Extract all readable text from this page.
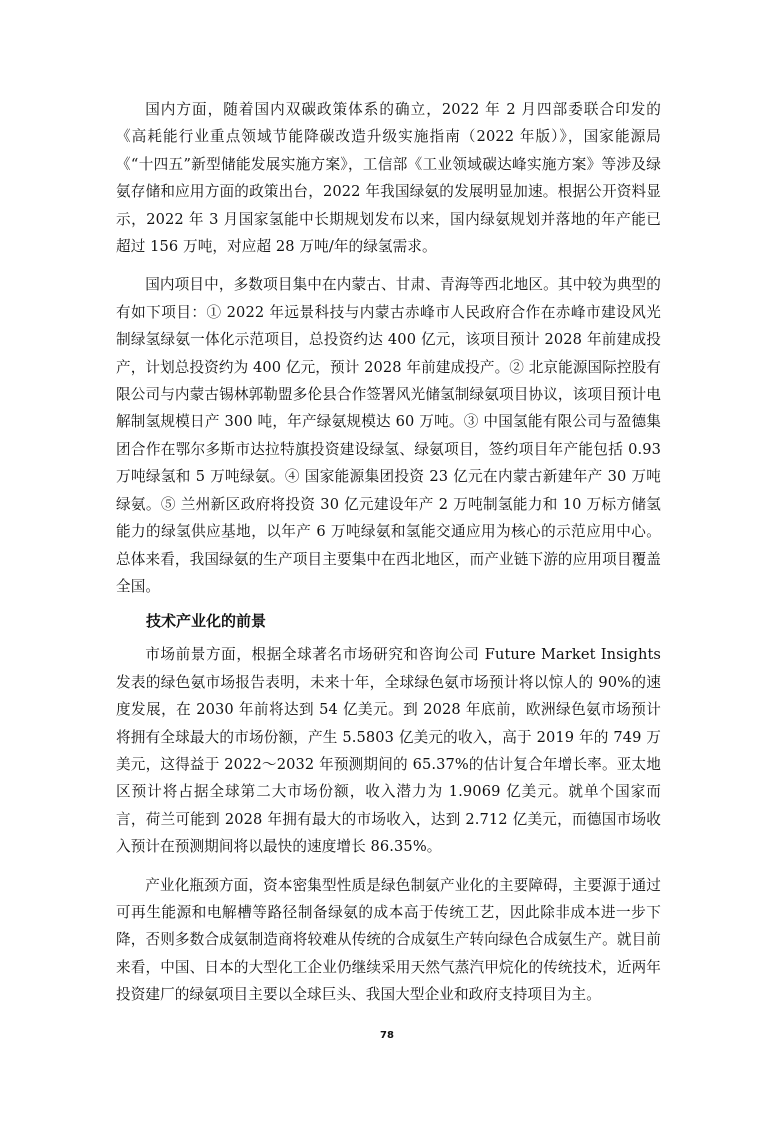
国内方面，随着国内双碳政策体系的确立，2022 年 2 月四部委联合印发的《高耗能行业重点领域节能降碳改造升级实施指南（2022 年版）》，国家能源局《“十四五”新型储能发展实施方案》，工信部《工业领域碳达峰实施方案》等涉及绿氨存储和应用方面的政策出台，2022 年我国绿氨的发展明显加速。根据公开资料显示，2022 年 3 月国家氢能中长期规划发布以来，国内绿氨规划并落地的年产能已超过 156 万吨，对应超 28 万吨/年的绿氢需求。

国内项目中，多数项目集中在内蒙古、甘肃、青海等西北地区。其中较为典型的有如下项目：① 2022 年远景科技与内蒙古赤峰市人民政府合作在赤峰市建设风光制绿氢绿氨一体化示范项目，总投资约达 400 亿元，该项目预计 2028 年前建成投产，计划总投资约为 400 亿元，预计 2028 年前建成投产。② 北京能源国际控股有限公司与内蒙古锡林郭勒盟多伦县合作签署风光储氢制绿氨项目协议，该项目预计电解制氢规模日产 300 吨，年产绿氨规模达 60 万吨。③ 中国氢能有限公司与盈德集团合作在鄂尔多斯市达拉特旗投资建设绿氢、绿氨项目，签约项目年产能包括 0.93 万吨绿氢和 5 万吨绿氨。④ 国家能源集团投资 23 亿元在内蒙古新建年产 30 万吨绿氨。⑤ 兰州新区政府将投资 30 亿元建设年产 2 万吨制氢能力和 10 万标方储氢能力的绿氢供应基地，以年产 6 万吨绿氨和氢能交通应用为核心的示范应用中心。总体来看，我国绿氨的生产项目主要集中在西北地区，而产业链下游的应用项目覆盖全国。

技术产业化的前景

市场前景方面，根据全球著名市场研究和咨询公司 Future Market Insights 发表的绿色氨市场报告表明，未来十年，全球绿色氨市场预计将以惊人的 90%的速度发展，在 2030 年前将达到 54 亿美元。到 2028 年底前，欧洲绿色氨市场预计将拥有全球最大的市场份额，产生 5.5803 亿美元的收入，高于 2019 年的 749 万美元，这得益于 2022～2032 年预测期间的 65.37%的估计复合年增长率。亚太地区预计将占据全球第二大市场份额，收入潜力为 1.9069 亿美元。就单个国家而言，荷兰可能到 2028 年拥有最大的市场收入，达到 2.712 亿美元，而德国市场收入预计在预测期间将以最快的速度增长 86.35%。

产业化瓶颈方面，资本密集型性质是绿色制氨产业化的主要障碍，主要源于通过可再生能源和电解槽等路径制备绿氨的成本高于传统工艺，因此除非成本进一步下降，否则多数合成氨制造商将较难从传统的合成氨生产转向绿色合成氨生产。就目前来看，中国、日本的大型化工企业仍继续采用天然气蒸汽甲烷化的传统技术，近两年投资建厂的绿氨项目主要以全球巨头、我国大型企业和政府支持项目为主。

78
